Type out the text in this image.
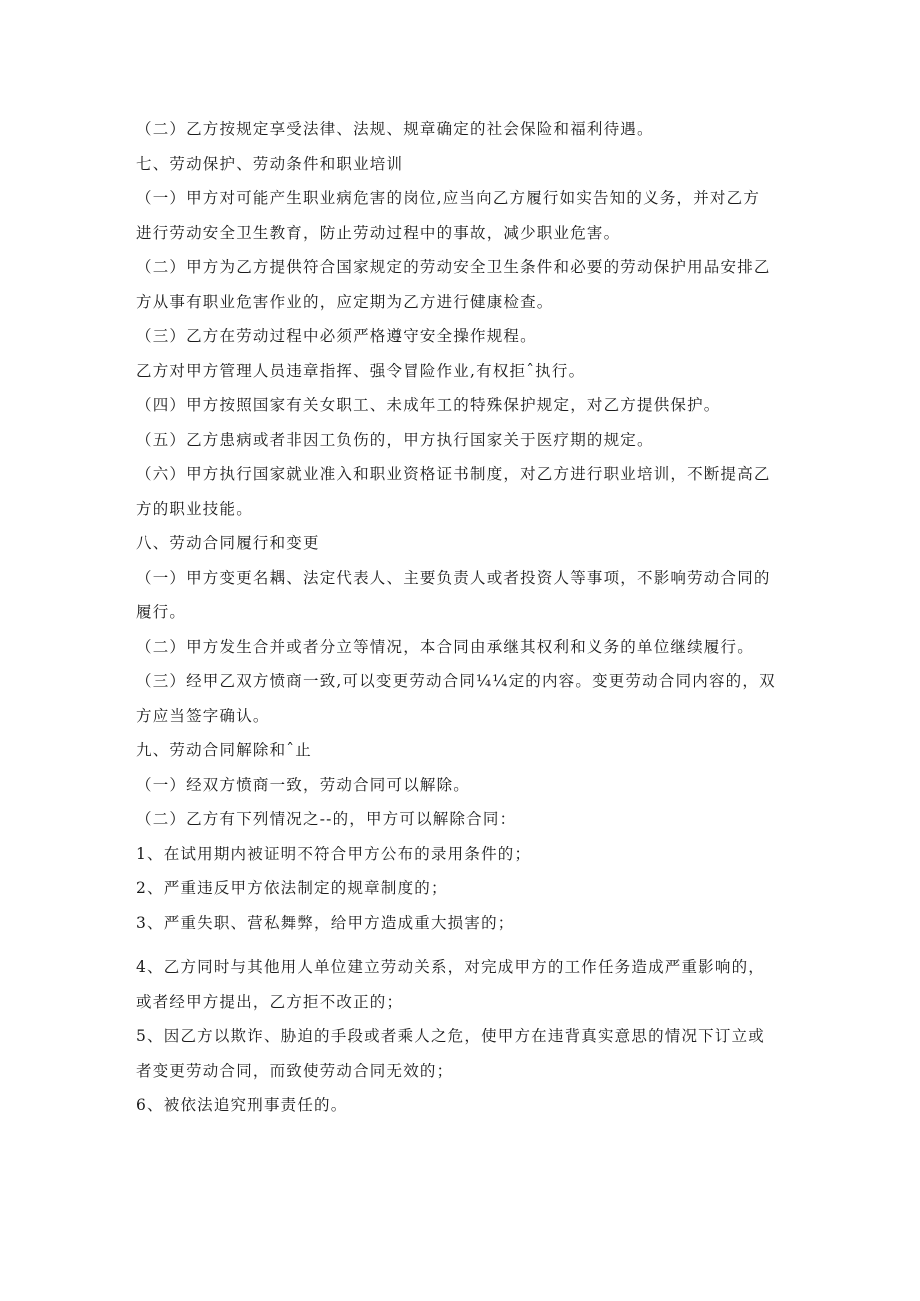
（二）乙方按规定享受法律、法规、规章确定的社会保险和福利待遇。

七、劳动保护、劳动条件和职业培训

（一）甲方对可能产生职业病危害的岗位,应当向乙方履行如实告知的义务，并对乙方

进行劳动安全卫生教育，防止劳动过程中的事故，减少职业危害。

（二）甲方为乙方提供符合国家规定的劳动安全卫生条件和必要的劳动保护用品安排乙

方从事有职业危害作业的，应定期为乙方进行健康检查。

（三）乙方在劳动过程中必须严格遵守安全操作规程。

乙方对甲方管理人员违章指挥、强令冒险作业,有权拒ˆ执行。

（四）甲方按照国家有关女职工、未成年工的特殊保护规定，对乙方提供保护。

（五）乙方患病或者非因工负伤的，甲方执行国家关于医疗期的规定。

（六）甲方执行国家就业准入和职业资格证书制度，对乙方进行职业培训，不断提高乙

方的职业技能。

八、劳动合同履行和变更

（一）甲方变更名耦、法定代表人、主要负责人或者投资人等事项，不影响劳动合同的

履行。

（二）甲方发生合并或者分立等情况，本合同由承继其权利和义务的单位继续履行。

（三）经甲乙双方愤商一致,可以变更劳动合同¼¼定的内容。变更劳动合同内容的，双

方应当签字确认。

九、劳动合同解除和ˆ止

（一）经双方愤商一致，劳动合同可以解除。

（二）乙方有下列情况之--的，甲方可以解除合同：

1、在试用期内被证明不符合甲方公布的录用条件的；

2、严重违反甲方依法制定的规章制度的；

3、严重失职、营私舞弊，给甲方造成重大损害的；

4、乙方同时与其他用人单位建立劳动关系，对完成甲方的工作任务造成严重影响的，

或者经甲方提出，乙方拒不改正的；

5、因乙方以欺诈、胁迫的手段或者乘人之危，使甲方在违背真实意思的情况下订立或

者变更劳动合同，而致使劳动合同无效的；

6、被依法追究刑事责任的。
